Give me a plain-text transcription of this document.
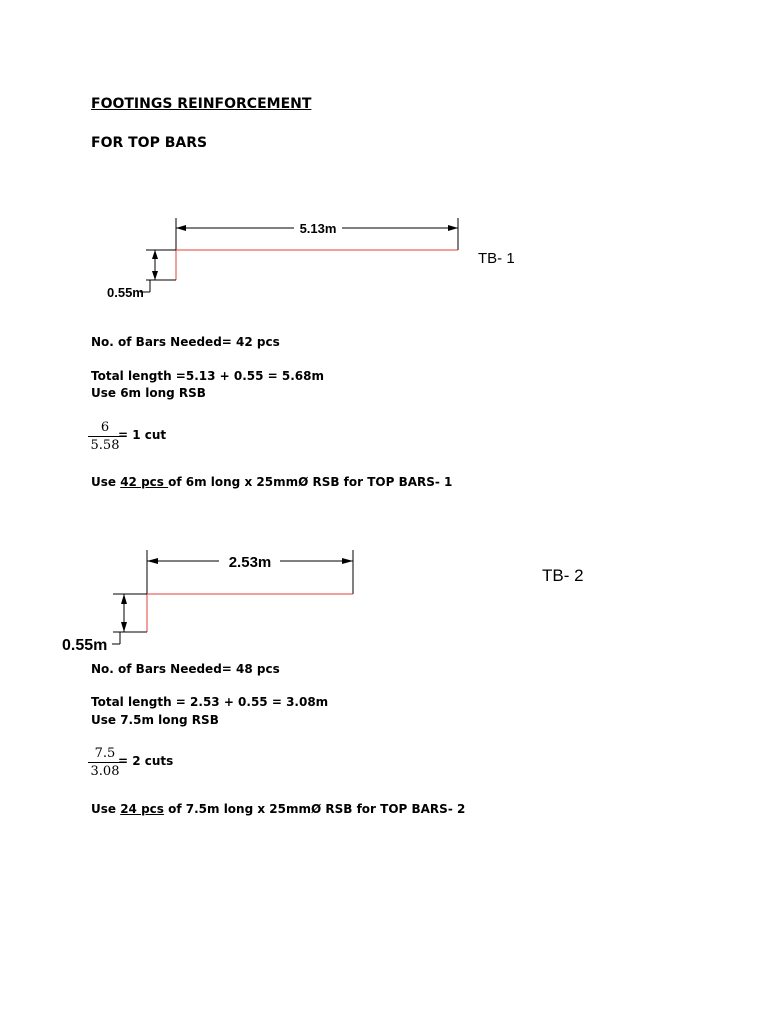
FOOTINGS REINFORCEMENT
FOR TOP BARS
5.13m
0.55m
TB- 1
2.53m
0.55m
TB- 2
No. of Bars Needed= 42 pcs
Total length =5.13 + 0.55 = 5.68m
Use 6m long RSB
6
5.58
= 1 cut
Use 42 pcs of 6m long x 25mmØ RSB for TOP BARS- 1
No. of Bars Needed= 48 pcs
Total length = 2.53 + 0.55 = 3.08m
Use 7.5m long RSB
7.5
3.08
= 2 cuts
Use 24 pcs of 7.5m long x 25mmØ RSB for TOP BARS- 2
